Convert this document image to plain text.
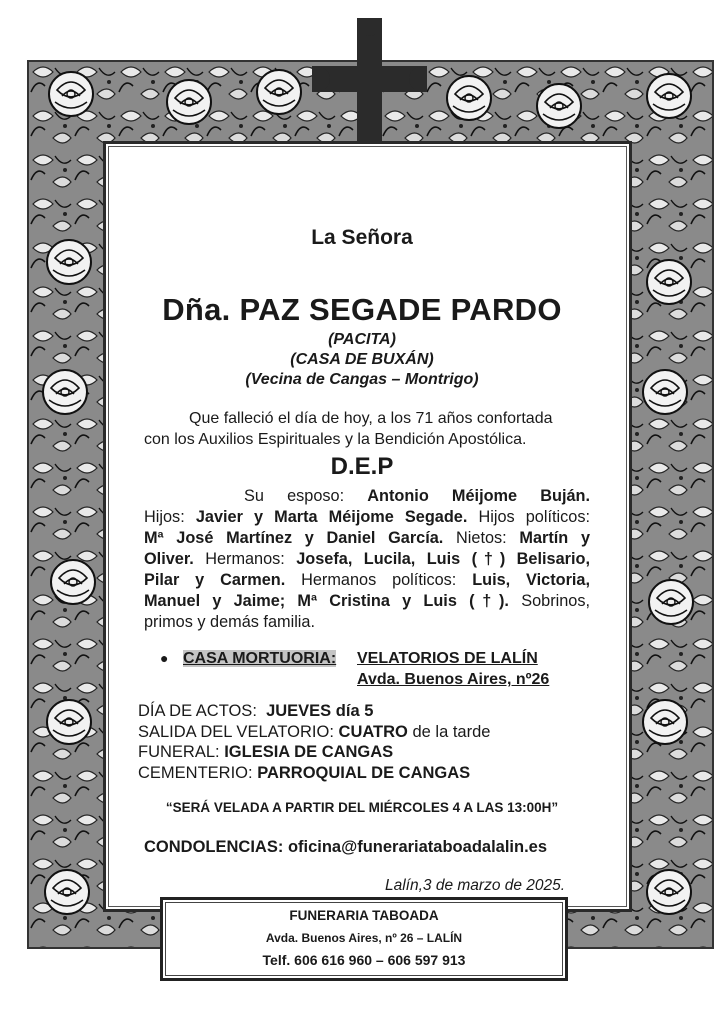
La Señora
Dña. PAZ SEGADE PARDO
(PACITA)
(CASA DE BUXÁN)
(Vecina de Cangas – Montrigo)
Que falleció el día de hoy, a los 71 años confortada
con los Auxilios Espirituales y la Bendición Apostólica.
D.E.P
Su esposo: Antonio Méijome Buján.
Hijos: Javier y Marta Méijome Segade. Hijos políticos:
Mª José Martínez y Daniel García. Nietos: Martín y
Oliver. Hermanos: Josefa, Lucila, Luis (†) Belisario,
Pilar y Carmen. Hermanos políticos: Luis, Victoria,
Manuel y Jaime; Mª Cristina y Luis (†). Sobrinos,
primos y demás familia.
● CASA MORTUORIA: VELATORIOS DE LALÍN
Avda. Buenos Aires, nº26
DÍA DE ACTOS: JUEVES día 5
SALIDA DEL VELATORIO: CUATRO de la tarde
FUNERAL: IGLESIA DE CANGAS
CEMENTERIO: PARROQUIAL DE CANGAS
“SERÁ VELADA A PARTIR DEL MIÉRCOLES 4 A LAS 13:00H”
CONDOLENCIAS: oficina@funerariataboadalalin.es
Lalín,3 de marzo de 2025.
FUNERARIA TABOADA
Avda. Buenos Aires, nº 26 – LALÍN
Telf. 606 616 960 – 606 597 913
